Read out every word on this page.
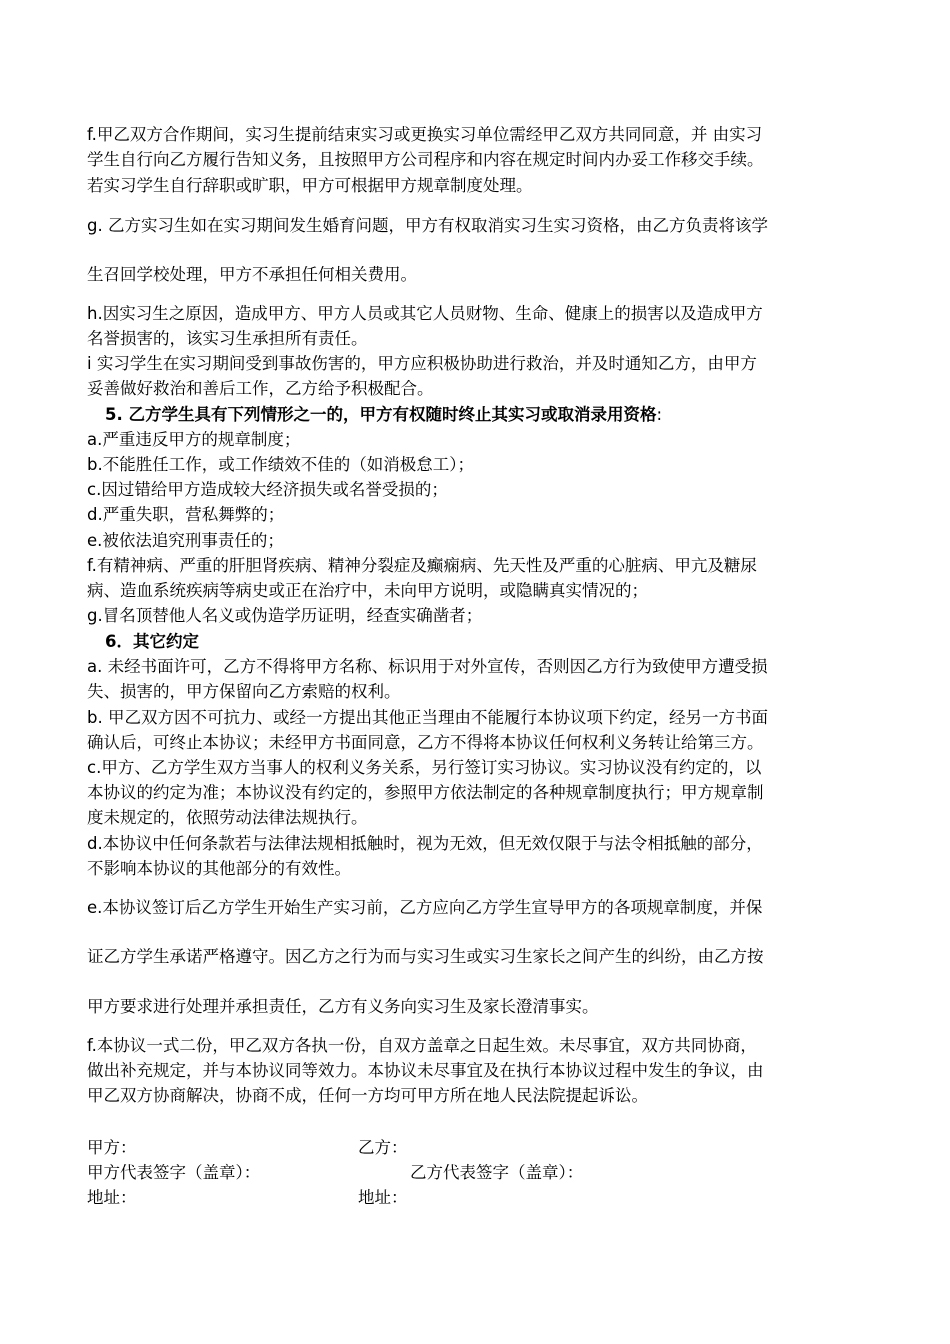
f.甲乙双方合作期间，实习生提前结束实习或更换实习单位需经甲乙双方共同同意，并 由实习
学生自行向乙方履行告知义务，且按照甲方公司程序和内容在规定时间内办妥工作移交手续。
若实习学生自行辞职或旷职，甲方可根据甲方规章制度处理。
g. 乙方实习生如在实习期间发生婚育问题，甲方有权取消实习生实习资格，由乙方负责将该学
生召回学校处理，甲方不承担任何相关费用。
h.因实习生之原因，造成甲方、甲方人员或其它人员财物、生命、健康上的损害以及造成甲方
名誉损害的，该实习生承担所有责任。
i 实习学生在实习期间受到事故伤害的，甲方应积极协助进行救治，并及时通知乙方，由甲方
妥善做好救治和善后工作，乙方给予积极配合。
5. 乙方学生具有下列情形之一的，甲方有权随时终止其实习或取消录用资格:
a.严重违反甲方的规章制度；
b.不能胜任工作，或工作绩效不佳的（如消极怠工）；
c.因过错给甲方造成较大经济损失或名誉受损的；
d.严重失职，营私舞弊的；
e.被依法追究刑事责任的；
f.有精神病、严重的肝胆肾疾病、精神分裂症及癫痫病、先天性及严重的心脏病、甲亢及糖尿
病、造血系统疾病等病史或正在治疗中，未向甲方说明，或隐瞒真实情况的；
g.冒名顶替他人名义或伪造学历证明，经查实确凿者；
6．其它约定
a. 未经书面许可，乙方不得将甲方名称、标识用于对外宣传，否则因乙方行为致使甲方遭受损
失、损害的，甲方保留向乙方索赔的权利。
b. 甲乙双方因不可抗力、或经一方提出其他正当理由不能履行本协议项下约定，经另一方书面
确认后，可终止本协议；未经甲方书面同意，乙方不得将本协议任何权利义务转让给第三方。
c.甲方、乙方学生双方当事人的权利义务关系，另行签订实习协议。实习协议没有约定的，以
本协议的约定为准；本协议没有约定的，参照甲方依法制定的各种规章制度执行；甲方规章制
度未规定的，依照劳动法律法规执行。
d.本协议中任何条款若与法律法规相抵触时，视为无效，但无效仅限于与法令相抵触的部分，
不影响本协议的其他部分的有效性。
e.本协议签订后乙方学生开始生产实习前，乙方应向乙方学生宣导甲方的各项规章制度，并保
证乙方学生承诺严格遵守。因乙方之行为而与实习生或实习生家长之间产生的纠纷，由乙方按
甲方要求进行处理并承担责任，乙方有义务向实习生及家长澄清事实。
f.本协议一式二份，甲乙双方各执一份，自双方盖章之日起生效。未尽事宜，双方共同协商，
做出补充规定，并与本协议同等效力。本协议未尽事宜及在执行本协议过程中发生的争议，由
甲乙双方协商解决，协商不成，任何一方均可甲方所在地人民法院提起诉讼。
甲方：	乙方：
甲方代表签字（盖章）：	乙方代表签字（盖章）：
地址：	地址：
